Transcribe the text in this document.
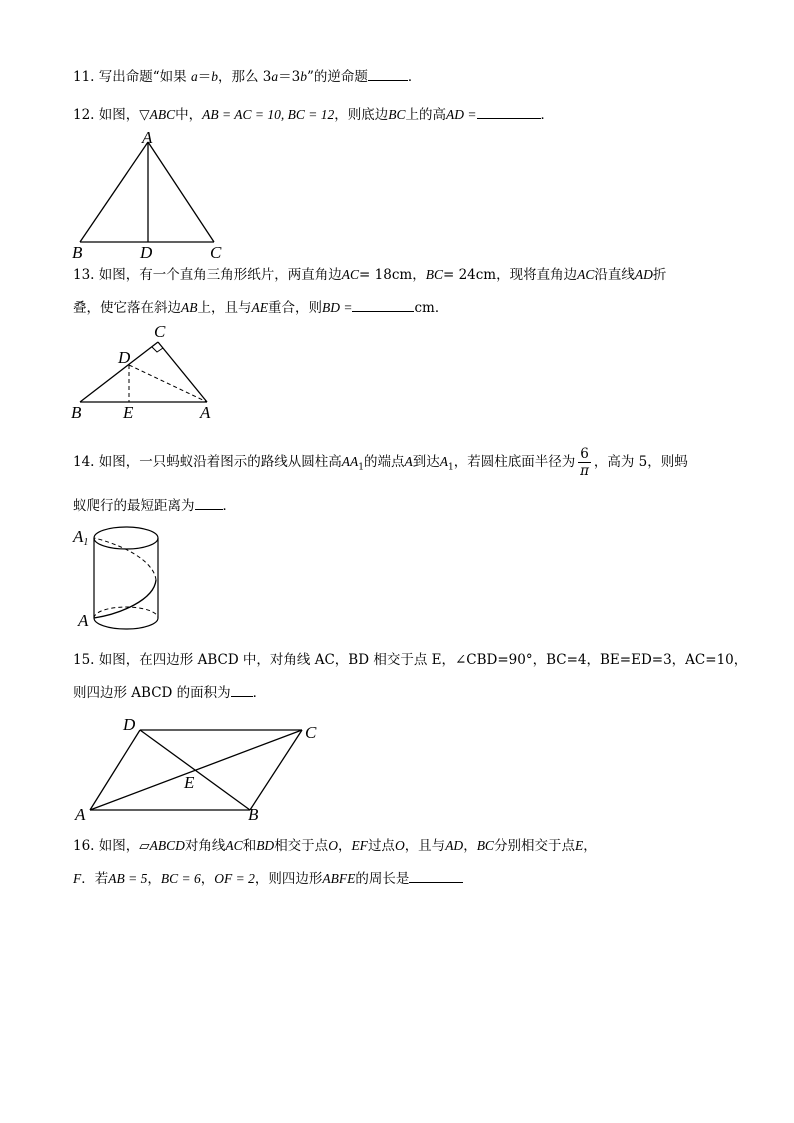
11. 写出命题“如果 a＝b，那么 3a＝3b”的逆命题	．
12. 如图，▽ABC中，AB = AC = 10, BC = 12，则底边BC上的高AD =	．
A
B	D	C
13. 如图，有一个直角三角形纸片，两直角边AC= 18cm，BC= 24cm，现将直角边AC沿直线AD折
叠，使它落在斜边AB上，且与AE重合，则BD =	cm．
C
D
B E	A
14. 如图，一只蚂蚁沿着图示的路线从圆柱高$AA_1$的端点A到达$A_1$，若圆柱底面半径为 $\frac{6}{\pi}$ ，高为 5，则蚂
蚁爬行的最短距离为 ．
A1
A
15. 如图，在四边形 ABCD 中，对角线 AC，BD 相交于点 E，∠CBD=90°，BC=4，BE=ED=3，AC=10，
则四边形 ABCD 的面积为 ．
D	C
E
A	B
16. 如图，▱ABCD对角线AC和BD相交于点O，EF过点O，且与AD，BC分别相交于点E，
F．若AB = 5，BC = 6，OF = 2，则四边形ABFE的周长是
